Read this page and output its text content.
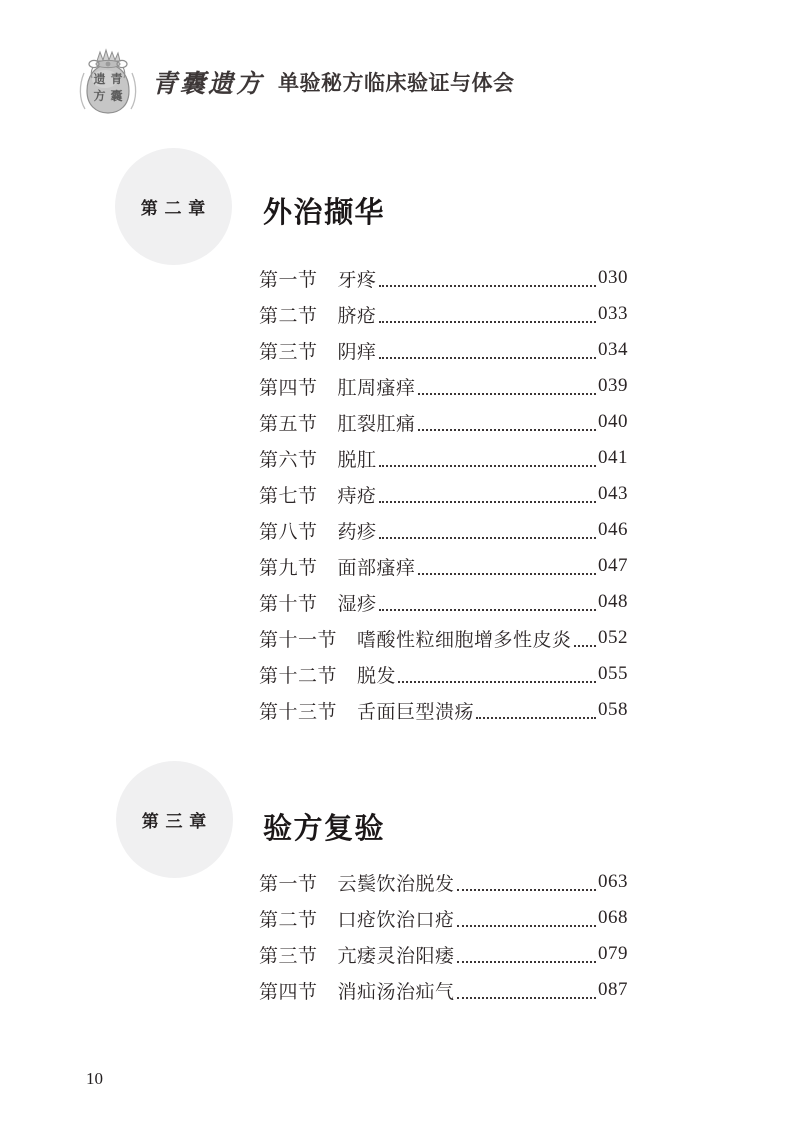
遗 青
方 囊 青囊遗方 单验秘方临床验证与体会
第 二 章 外治撷华
第一节 牙疼	030
第二节 脐疮	033
第三节 阴痒	034
第四节 肛周瘙痒	039
第五节 肛裂肛痛	040
第六节 脱肛	041
第七节 痔疮	043
第八节 药疹	046
第九节 面部瘙痒	047
第十节 湿疹	048
第十一节 嗜酸性粒细胞增多性皮炎 052
第十二节 脱发	055
第十三节 舌面巨型溃疡	058
第 三 章 验方复验
第一节 云鬓饮治脱发	063
第二节 口疮饮治口疮	068
第三节 亢痿灵治阳痿	079
第四节 消疝汤治疝气	087
10
